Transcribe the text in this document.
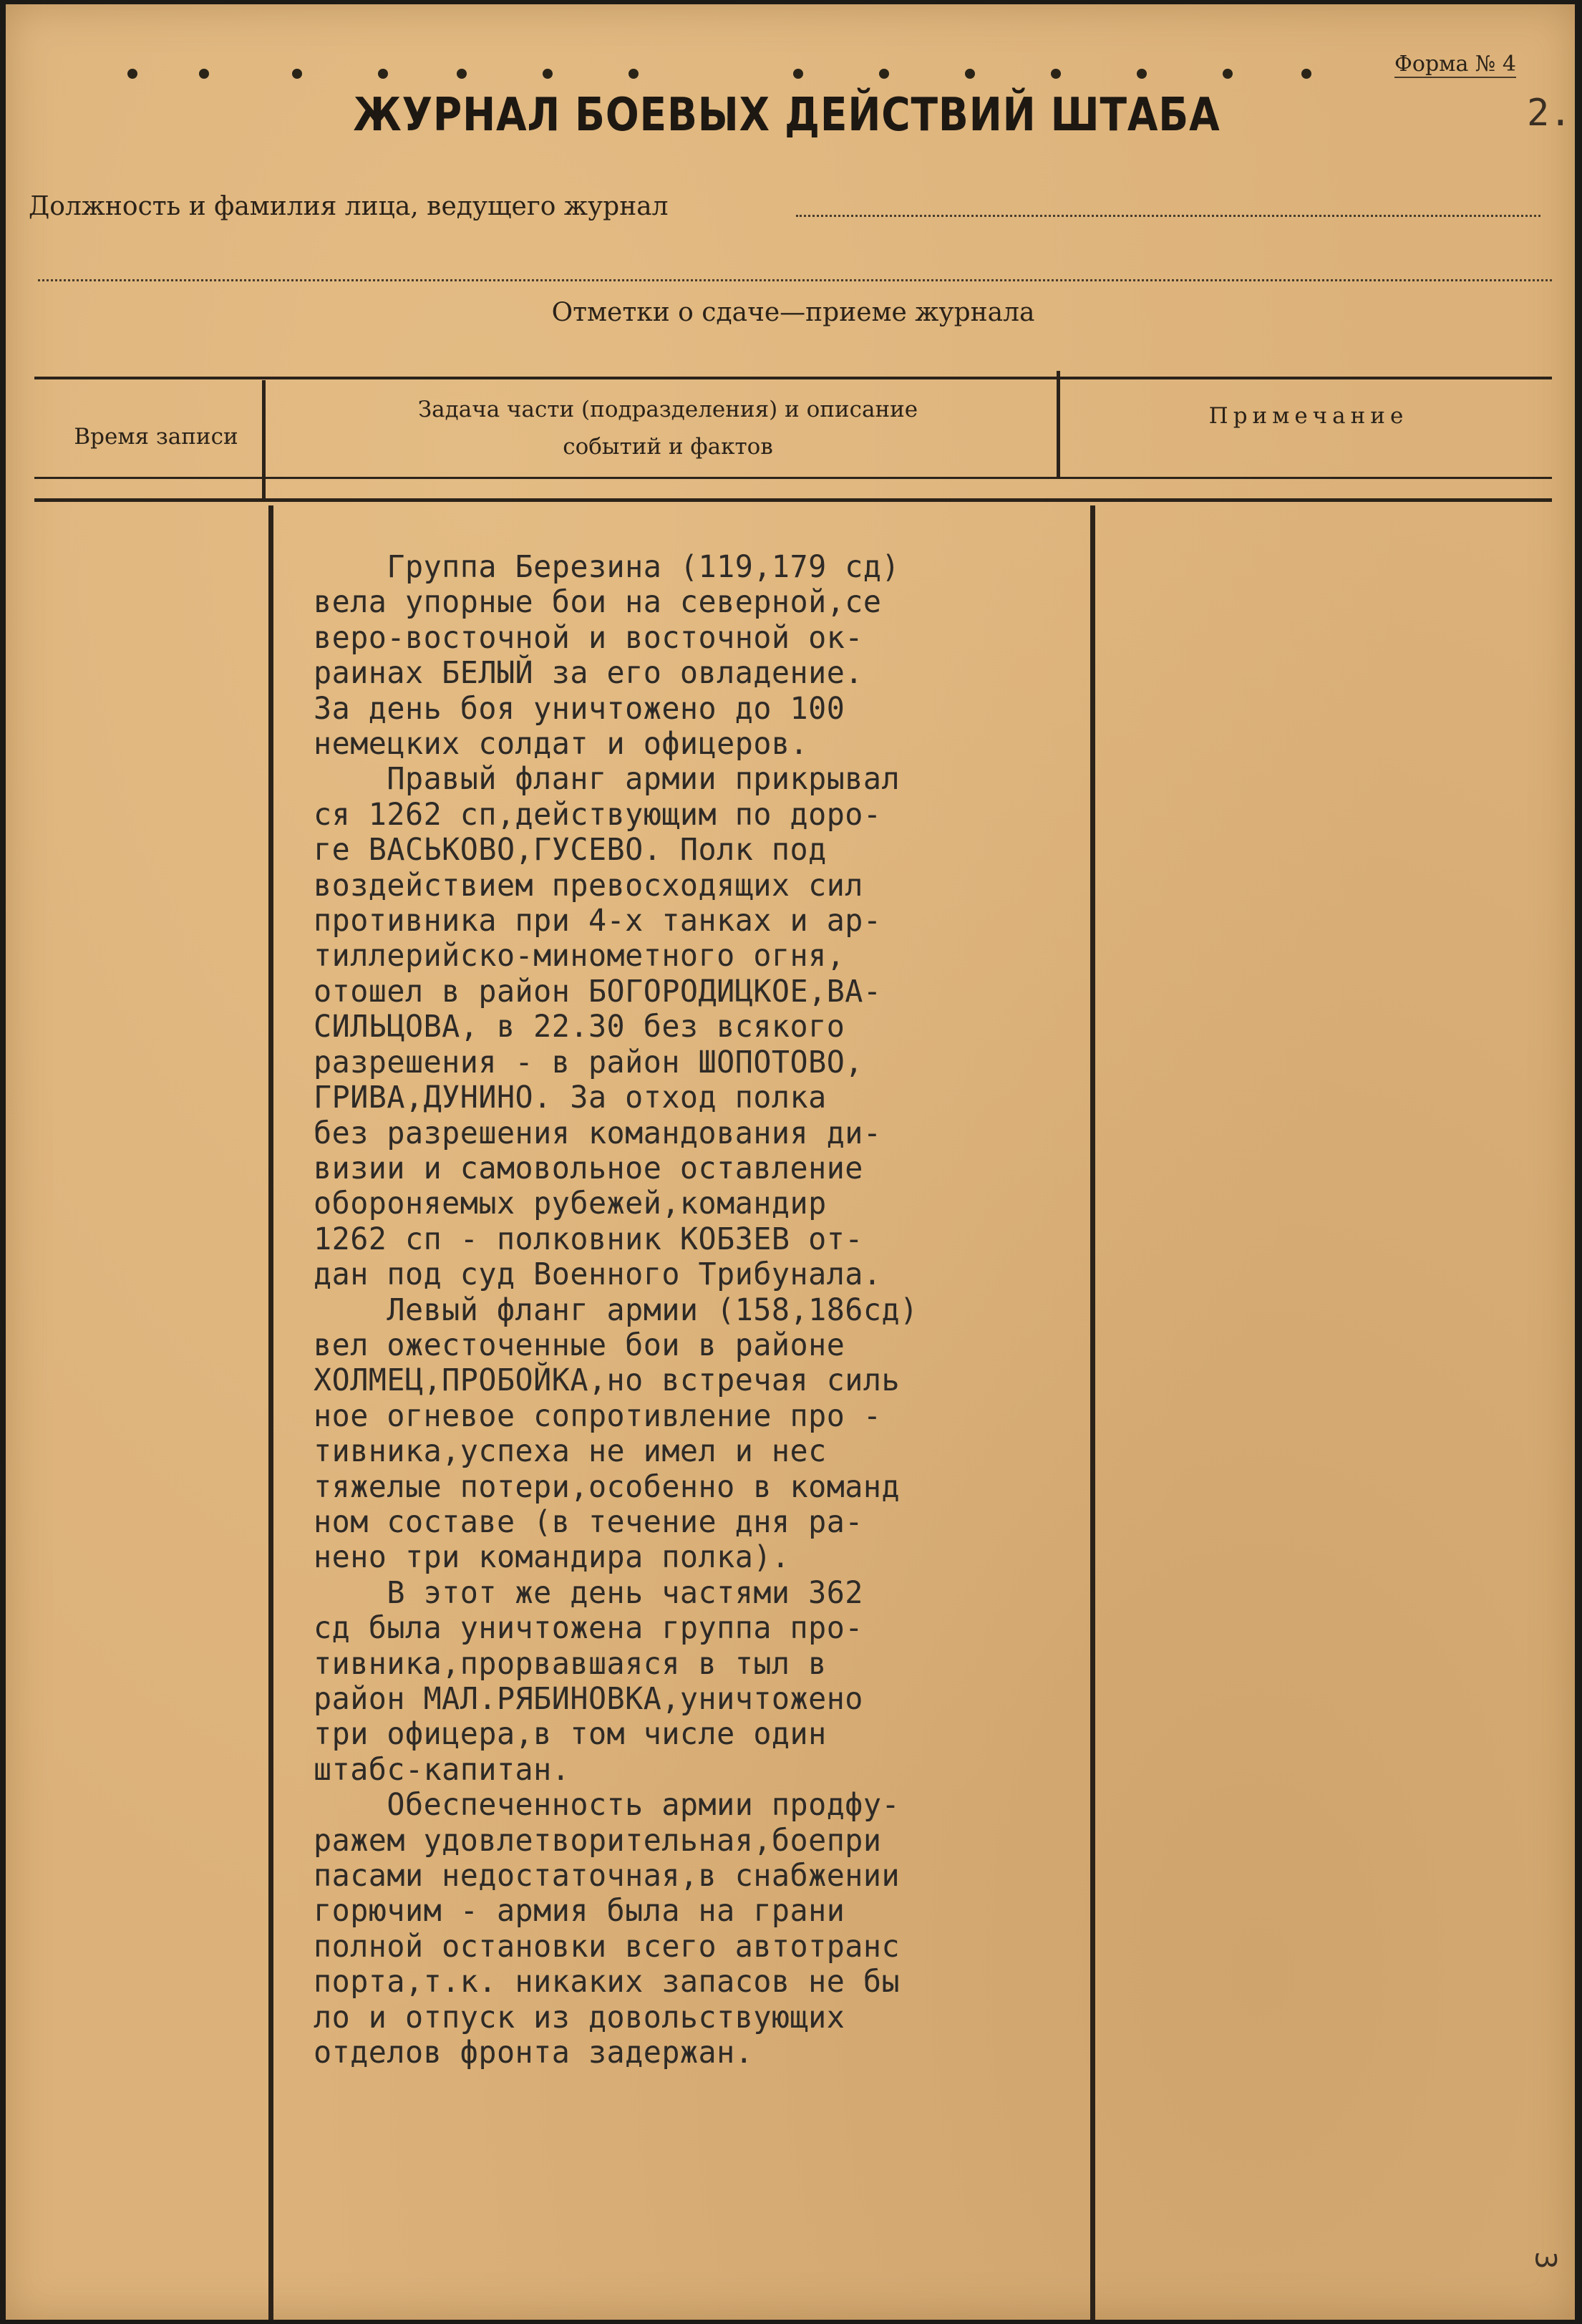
Форма № 4
2.
ЖУРНАЛ БОЕВЫХ ДЕЙСТВИЙ ШТАБА
Должность и фамилия лица, ведущего журнал
Отметки о сдаче—приеме журнала
Время записи
Задача части (подразделения) и описание
событий и фактов
Примечание
Группа Березина (119,179 сд)
вела упорные бои на северной,се
веро-восточной и восточной ок-
раинах БЕЛЫЙ за его овладение.
За день боя уничтожено до 100
немецких солдат и офицеров.
Правый фланг армии прикрывал
ся 1262 сп,действующим по доро-
ге ВАСЬКОВО,ГУСЕВО. Полк под
воздействием превосходящих сил
противника при 4-х танках и ар-
тиллерийско-минометного огня,
отошел в район БОГОРОДИЦКОЕ,ВА-
СИЛЬЦОВА, в 22.30 без всякого
разрешения - в район ШОПОТОВО,
ГРИВА,ДУНИНО. За отход полка
без разрешения командования ди-
визии и самовольное оставление
обороняемых рубежей,командир
1262 сп - полковник КОБЗЕВ от-
дан под суд Военного Трибунала.
Левый фланг армии (158,186сд)
вел ожесточенные бои в районе
ХОЛМЕЦ,ПРОБОЙКА,но встречая силь
ное огневое сопротивление про -
тивника,успеха не имел и нес
тяжелые потери,особенно в команд
ном составе (в течение дня ра-
нено три командира полка).
В этот же день частями 362
сд была уничтожена группа про-
тивника,прорвавшаяся в тыл в
район МАЛ.РЯБИНОВКА,уничтожено
три офицера,в том числе один
штабс-капитан.
Обеспеченность армии продфу-
ражем удовлетворительная,боепри
пасами недостаточная,в снабжении
горючим - армия была на грани
полной остановки всего автотранс
порта,т.к. никаких запасов не бы
ло и отпуск из довольствующих
отделов фронта задержан.
3
